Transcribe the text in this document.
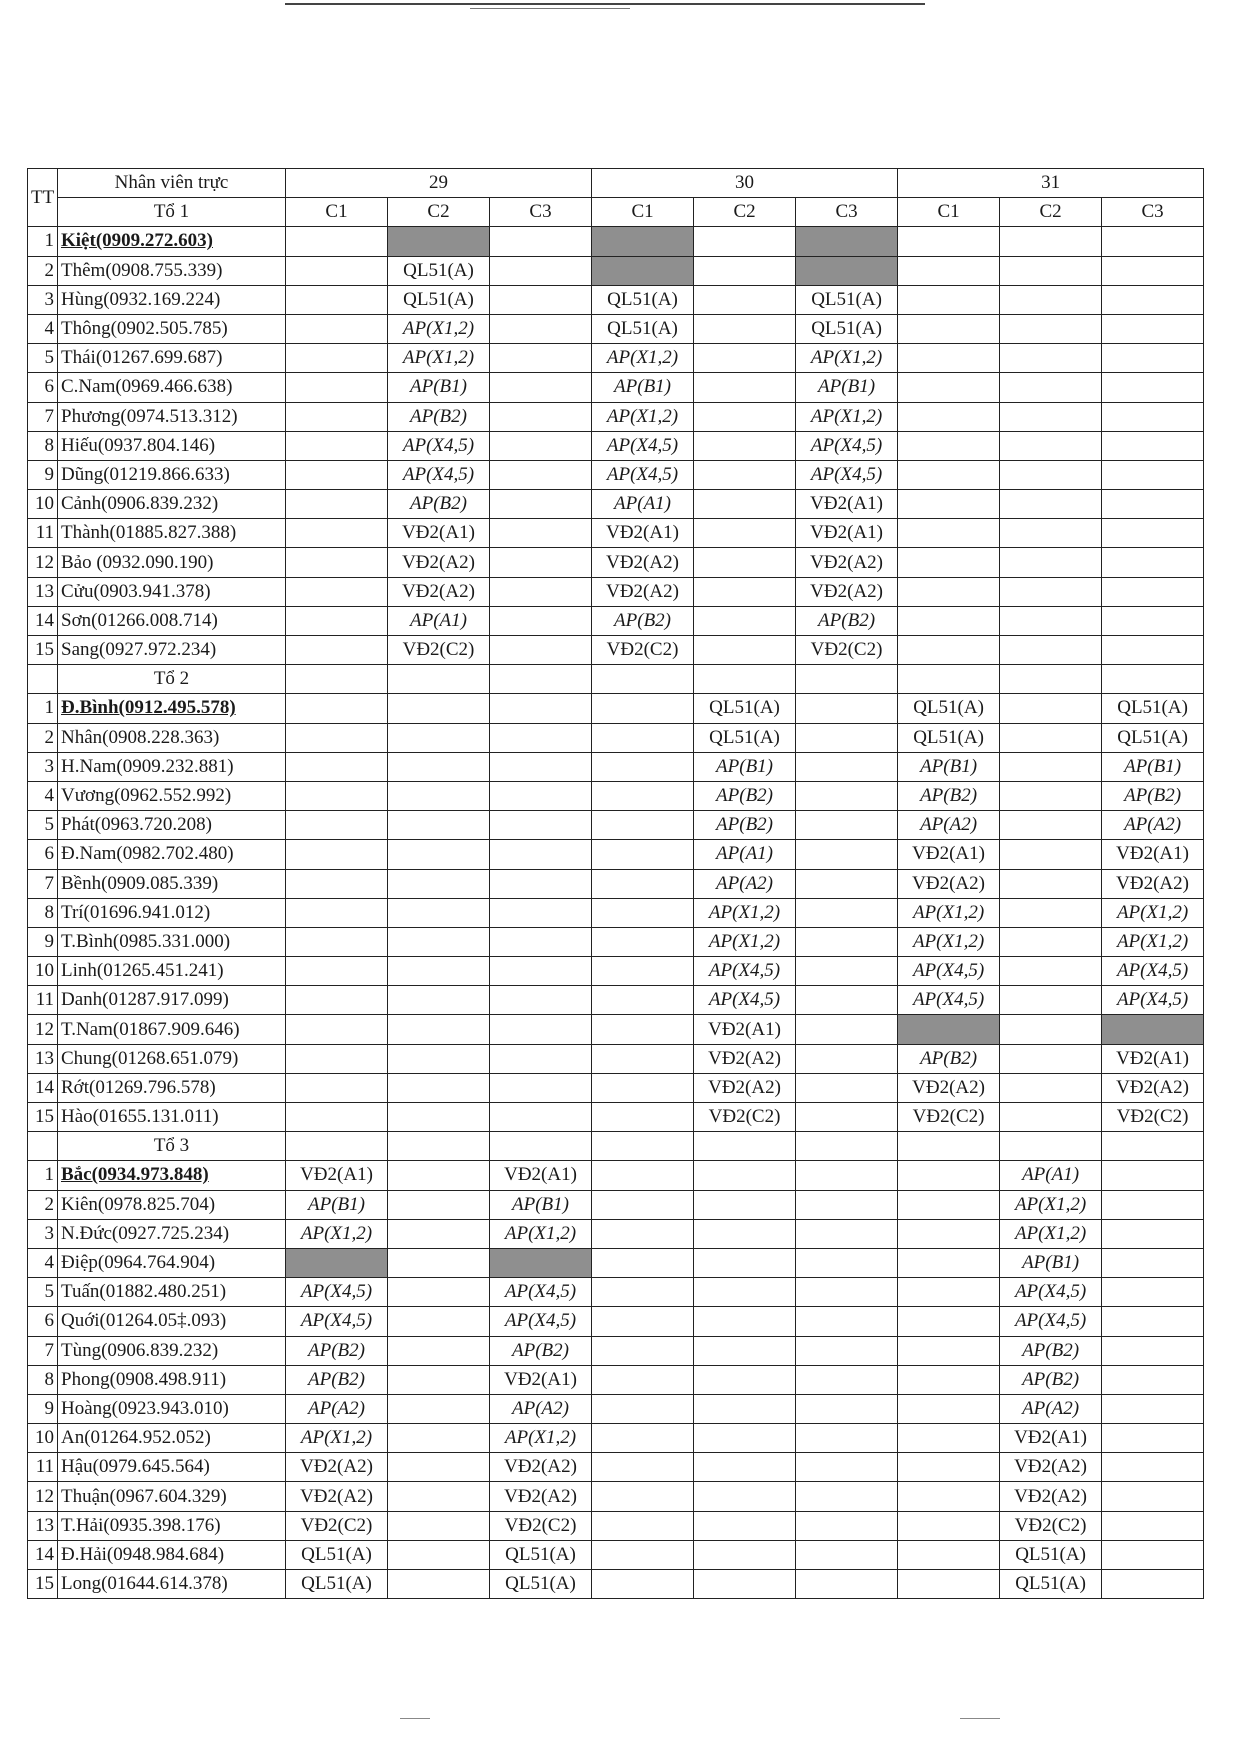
TT	Nhân viên trực	29			30			31		
	Tổ 1	C1	C2	C3	C1	C2	C3	C1	C2	C3
1	Kiệt(0909.272.603)									
2	Thêm(0908.755.339)		QL51(A)							
3	Hùng(0932.169.224)		QL51(A)		QL51(A)		QL51(A)			
4	Thông(0902.505.785)		AP(X1,2)		QL51(A)		QL51(A)			
5	Thái(01267.699.687)		AP(X1,2)		AP(X1,2)		AP(X1,2)			
6	C.Nam(0969.466.638)		AP(B1)		AP(B1)		AP(B1)			
7	Phương(0974.513.312)		AP(B2)		AP(X1,2)		AP(X1,2)			
8	Hiếu(0937.804.146)		AP(X4,5)		AP(X4,5)		AP(X4,5)			
9	Dũng(01219.866.633)		AP(X4,5)		AP(X4,5)		AP(X4,5)			
10	Cảnh(0906.839.232)		AP(B2)		AP(A1)		VĐ2(A1)			
11	Thành(01885.827.388)		VĐ2(A1)		VĐ2(A1)		VĐ2(A1)			
12	Bảo (0932.090.190)		VĐ2(A2)		VĐ2(A2)		VĐ2(A2)			
13	Cửu(0903.941.378)		VĐ2(A2)		VĐ2(A2)		VĐ2(A2)			
14	Sơn(01266.008.714)		AP(A1)		AP(B2)		AP(B2)			
15	Sang(0927.972.234)		VĐ2(C2)		VĐ2(C2)		VĐ2(C2)			
	Tổ 2									
1	Đ.Bình(0912.495.578)					QL51(A)		QL51(A)		QL51(A)
2	Nhân(0908.228.363)					QL51(A)		QL51(A)		QL51(A)
3	H.Nam(0909.232.881)					AP(B1)		AP(B1)		AP(B1)
4	Vương(0962.552.992)					AP(B2)		AP(B2)		AP(B2)
5	Phát(0963.720.208)					AP(B2)		AP(A2)		AP(A2)
6	Đ.Nam(0982.702.480)					AP(A1)		VĐ2(A1)		VĐ2(A1)
7	Bềnh(0909.085.339)					AP(A2)		VĐ2(A2)		VĐ2(A2)
8	Trí(01696.941.012)					AP(X1,2)		AP(X1,2)		AP(X1,2)
9	T.Bình(0985.331.000)					AP(X1,2)		AP(X1,2)		AP(X1,2)
10	Linh(01265.451.241)					AP(X4,5)		AP(X4,5)		AP(X4,5)
11	Danh(01287.917.099)					AP(X4,5)		AP(X4,5)		AP(X4,5)
12	T.Nam(01867.909.646)					VĐ2(A1)				
13	Chung(01268.651.079)					VĐ2(A2)		AP(B2)		VĐ2(A1)
14	Rớt(01269.796.578)					VĐ2(A2)		VĐ2(A2)		VĐ2(A2)
15	Hào(01655.131.011)					VĐ2(C2)		VĐ2(C2)		VĐ2(C2)
	Tổ 3									
1	Bắc(0934.973.848)	VĐ2(A1)		VĐ2(A1)					AP(A1)	
2	Kiên(0978.825.704)	AP(B1)		AP(B1)					AP(X1,2)	
3	N.Đức(0927.725.234)	AP(X1,2)		AP(X1,2)					AP(X1,2)	
4	Điệp(0964.764.904)								AP(B1)	
5	Tuấn(01882.480.251)	AP(X4,5)		AP(X4,5)					AP(X4,5)	
6	Quới(01264.05‡.093)	AP(X4,5)		AP(X4,5)					AP(X4,5)	
7	Tùng(0906.839.232)	AP(B2)		AP(B2)					AP(B2)	
8	Phong(0908.498.911)	AP(B2)		VĐ2(A1)					AP(B2)	
9	Hoàng(0923.943.010)	AP(A2)		AP(A2)					AP(A2)	
10	An(01264.952.052)	AP(X1,2)		AP(X1,2)					VĐ2(A1)	
11	Hậu(0979.645.564)	VĐ2(A2)		VĐ2(A2)					VĐ2(A2)	
12	Thuận(0967.604.329)	VĐ2(A2)		VĐ2(A2)					VĐ2(A2)	
13	T.Hải(0935.398.176)	VĐ2(C2)		VĐ2(C2)					VĐ2(C2)	
14	Đ.Hải(0948.984.684)	QL51(A)		QL51(A)					QL51(A)	
15	Long(01644.614.378)	QL51(A)		QL51(A)					QL51(A)	
